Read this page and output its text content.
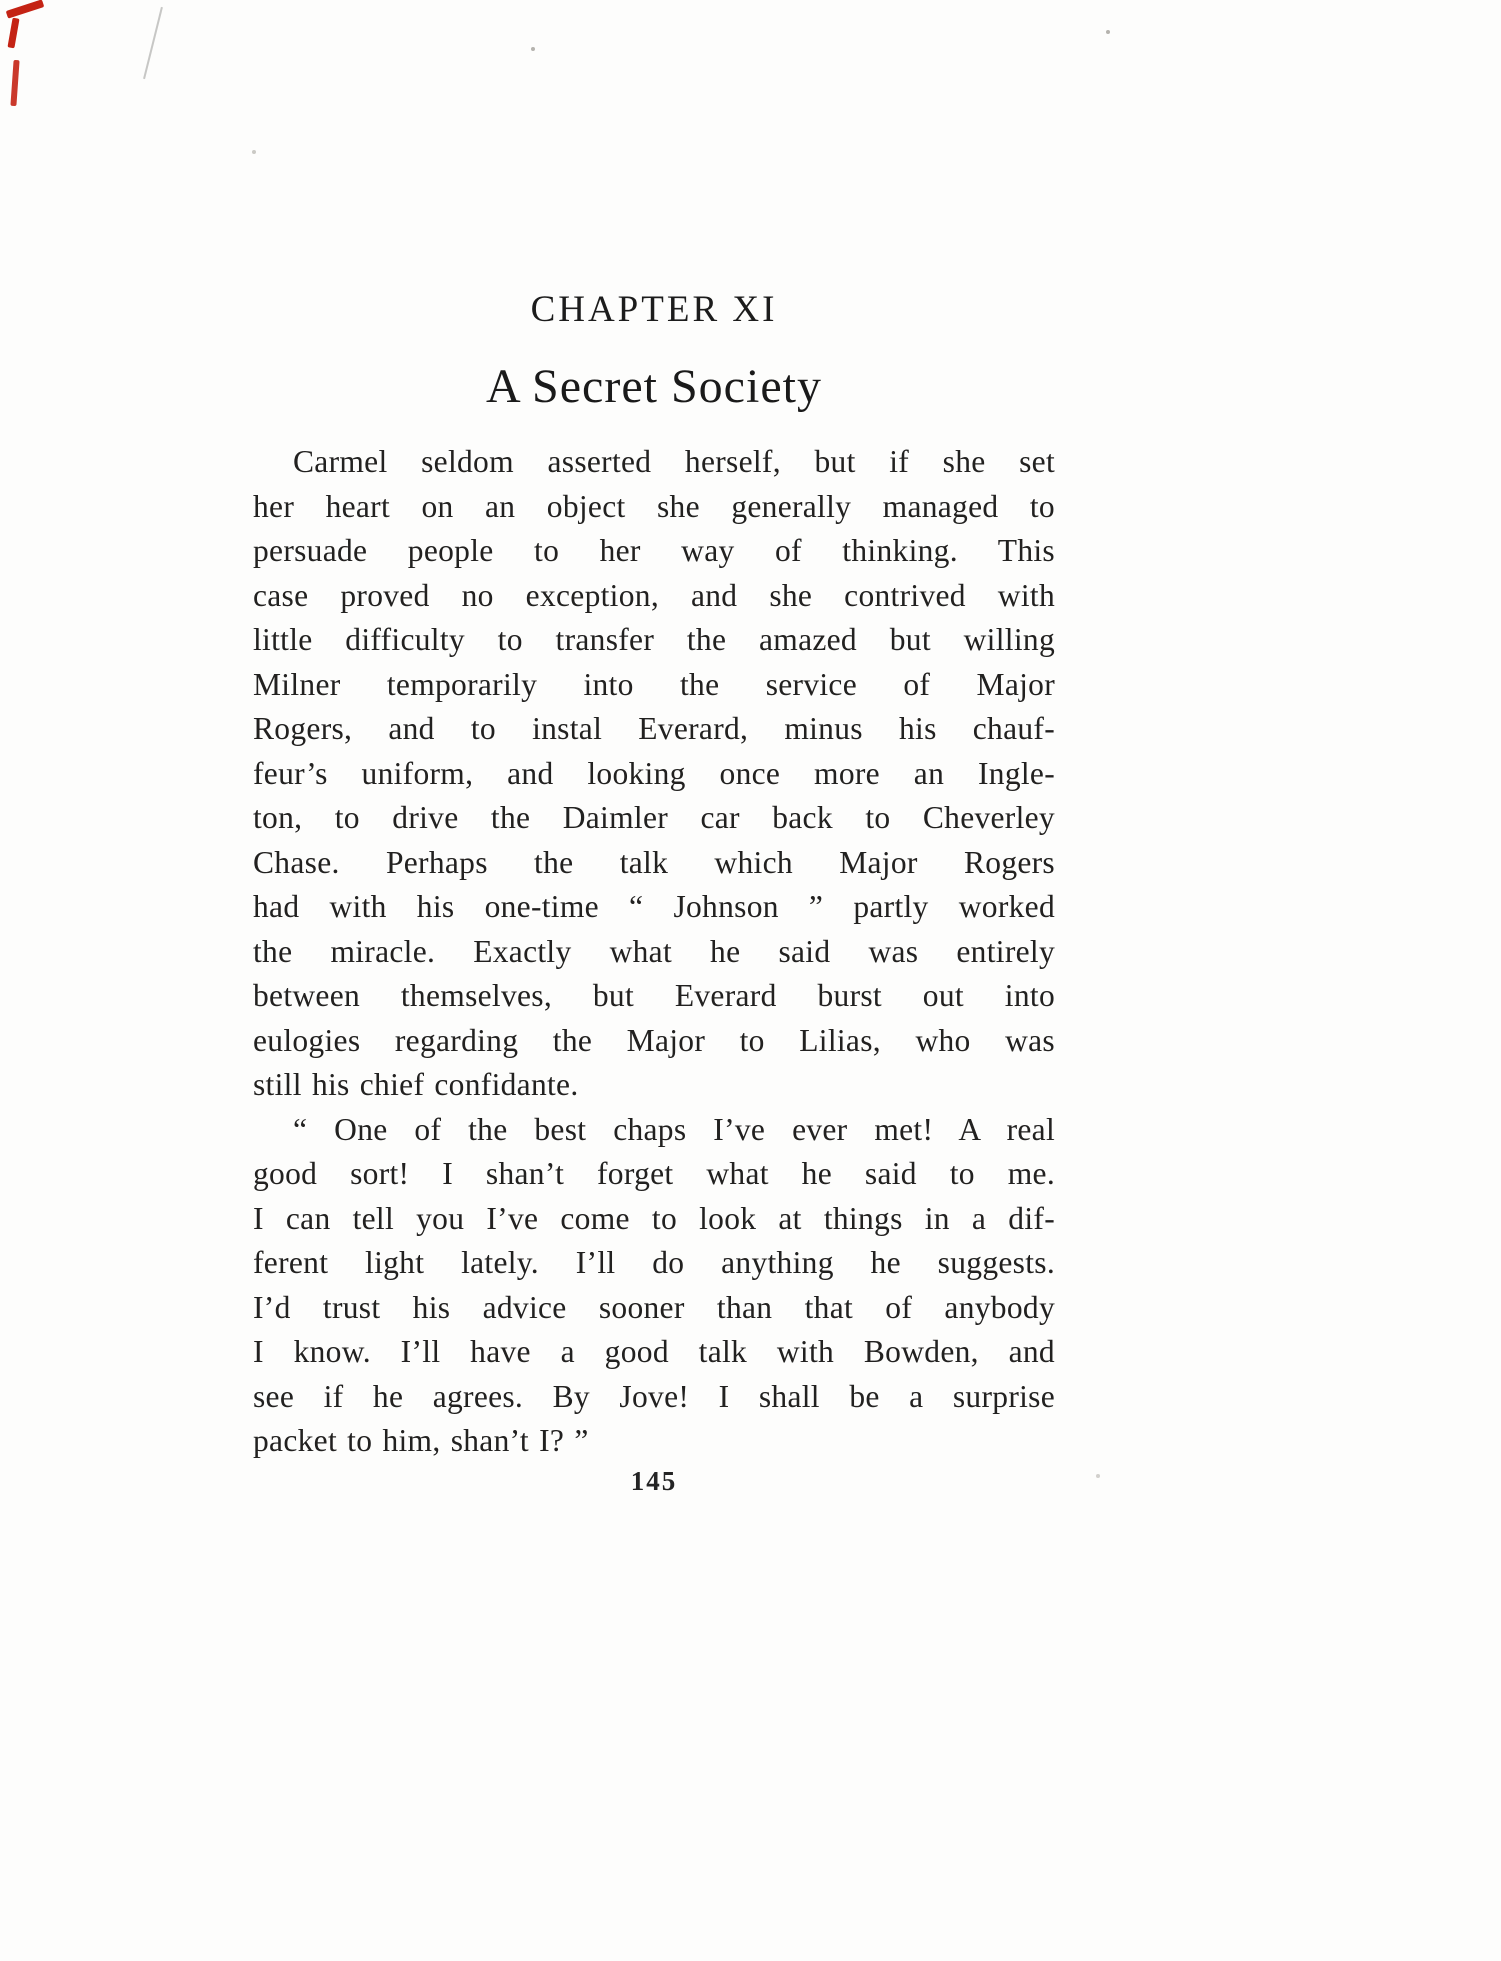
CHAPTER XI
A Secret Society
Carmel seldom asserted herself, but if she set
her heart on an object she generally managed to
persuade people to her way of thinking. This
case proved no exception, and she contrived with
little difficulty to transfer the amazed but willing
Milner temporarily into the service of Major
Rogers, and to instal Everard, minus his chauf-
feur’s uniform, and looking once more an Ingle-
ton, to drive the Daimler car back to Cheverley
Chase. Perhaps the talk which Major Rogers
had with his one-time “ Johnson ” partly worked
the miracle. Exactly what he said was entirely
between themselves, but Everard burst out into
eulogies regarding the Major to Lilias, who was
still his chief confidante.
“ One of the best chaps I’ve ever met! A real
good sort! I shan’t forget what he said to me.
I can tell you I’ve come to look at things in a dif-
ferent light lately. I’ll do anything he suggests.
I’d trust his advice sooner than that of anybody
I know. I’ll have a good talk with Bowden, and
see if he agrees. By Jove! I shall be a surprise
packet to him, shan’t I? ”
145
